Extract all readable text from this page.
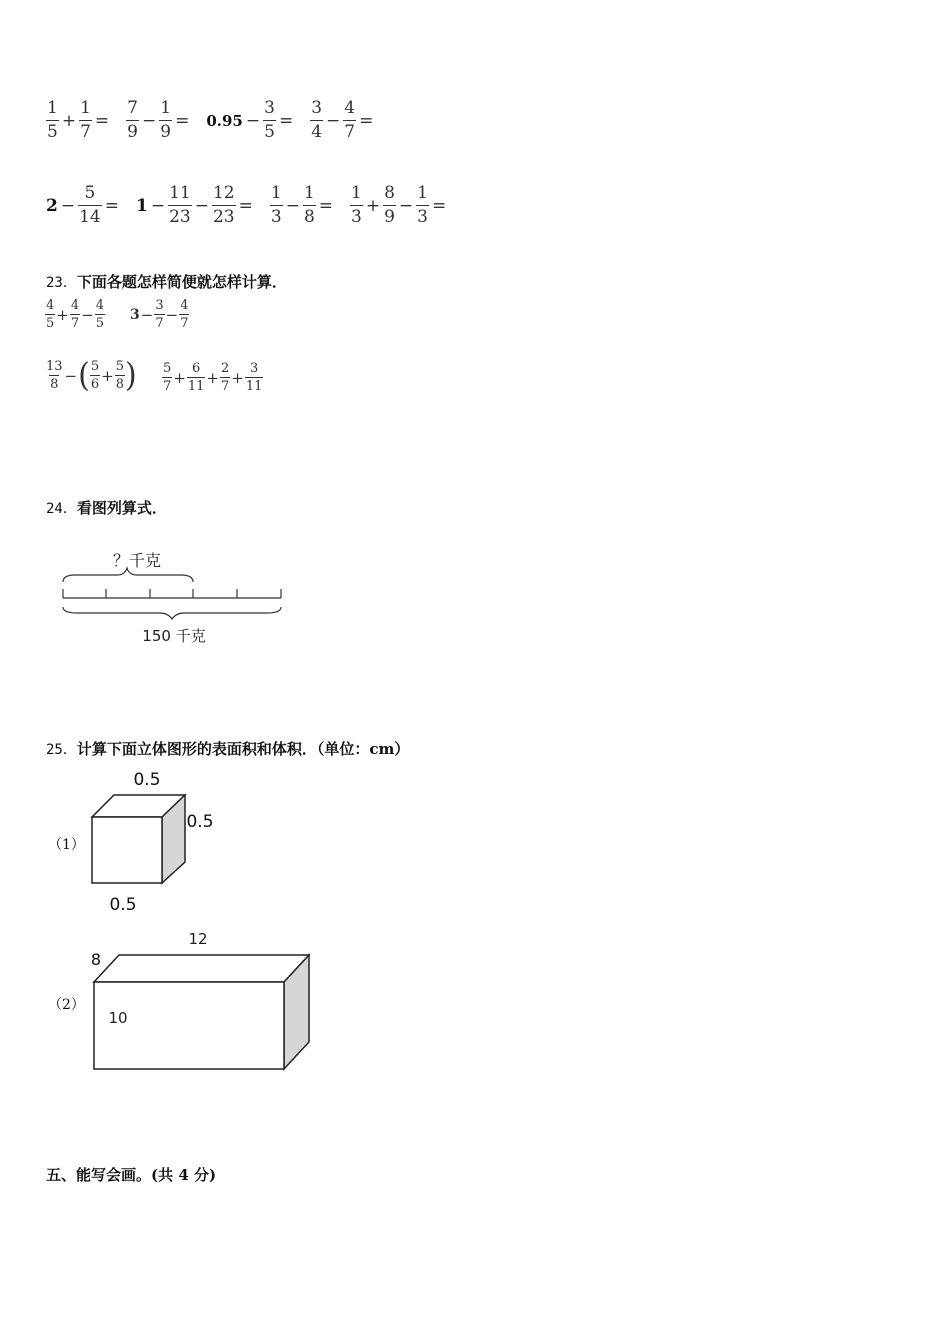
$\frac{1}{5} + \frac{1}{7} = \frac{7}{9} - \frac{1}{9} = 0.95 - \frac{3}{5} = \frac{3}{4} - \frac{4}{7}$ =
$2 - \frac{5}{14} = 1 - \frac{11}{23} - \frac{12}{23} = \frac{1}{3} - \frac{1}{8} = \frac{1}{3} + \frac{8}{9} - \frac{1}{3}$ =
23．下面各题怎样简便就怎样计算．
$\frac{4}{5} + \frac{4}{7} - \frac{4}{5} 3 - \frac{3}{7} - \frac{4}{7}$
$\frac{13}{8}$ − ( $\frac{5}{6} + \frac{5}{8}$ ) $\frac{5}{7} + \frac{6}{11} + \frac{2}{7} + \frac{3}{11}$
24．看图列算式．
？千克
150 千克
25．计算下面立体图形的表面积和体积．（单位：cm）
（1）
0.5
0.5
0.5
（2）
12
8
10
五、能写会画。(共 4 分)
